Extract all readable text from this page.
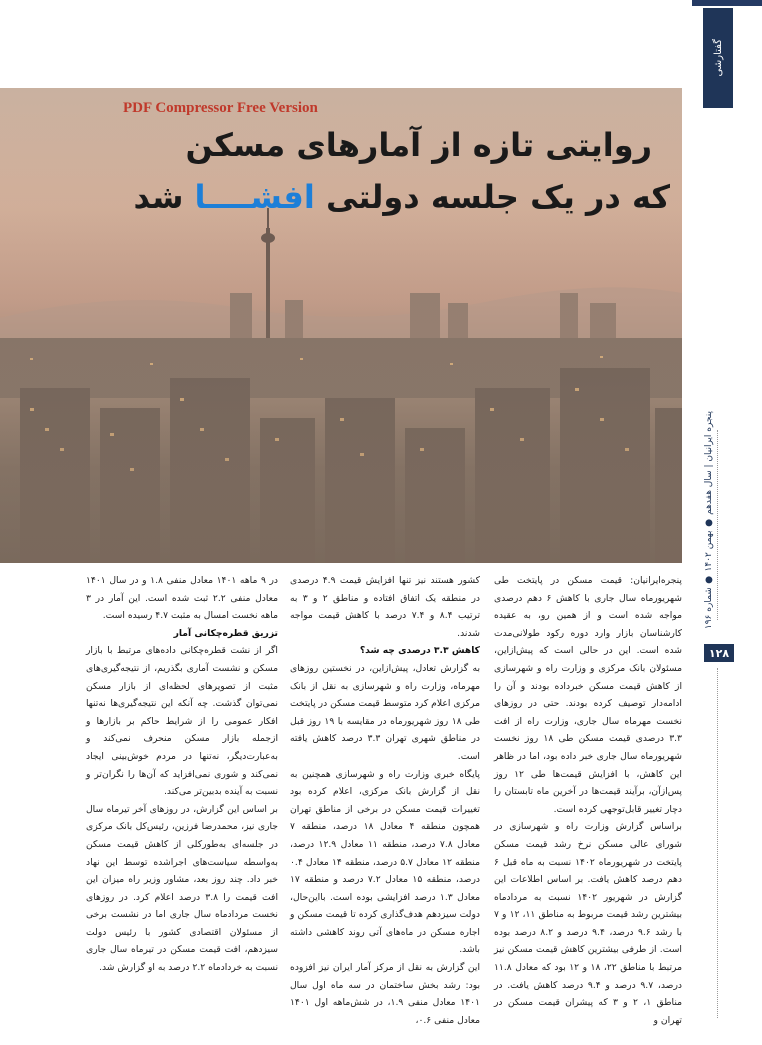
گفتارشی
PDF Compressor Free Version
روایتی تازه از آمارهای مسکن
که در یک جلسه دولتی افشــــا شد
پنجره ایرانیان | سال هفدهم ● بهمن ۱۴۰۲ ● شماره ۱۹۶
۱۲۸

پنجره‌ایرانیان: قیمت مسکن در پایتخت طی شهریورماه سال جاری با کاهش ۶ دهم درصدی مواجه شده است و از همین رو، به عقیده کارشناسان بازار وارد دوره رکود طولانی‌مدت شده است. این در حالی است که پیش‌ازاین، مسئولان بانک مرکزی و وزارت راه و شهرسازی از کاهش قیمت مسکن خبرداده بودند و آن را ادامه‌دار توصیف کرده بودند. حتی در روزهای نخست مهرماه سال جاری، وزارت راه از افت ۳.۳ درصدی قیمت مسکن طی ۱۸ روز نخست شهریورماه سال جاری خبر داده بود، اما در ظاهر این کاهش، با افزایش قیمت‌ها طی ۱۲ روز پس‌ازآن، برآیند قیمت‌ها در آخرین ماه تابستان را دچار تغییر قابل‌توجهی کرده است.

براساس گزارش وزارت راه و شهرسازی در شورای عالی مسکن نرخ رشد قیمت مسکن پایتخت در شهریورماه ۱۴۰۲ نسبت به ماه قبل ۶ دهم درصد کاهش یافت. بر اساس اطلاعات این گزارش در شهریور ۱۴۰۲ نسبت به مردادماه بیشترین رشد قیمت مربوط به مناطق ۱۱، ۱۲ و ۷ با رشد ۹.۶ درصد، ۹.۴ درصد و ۸.۲ درصد بوده است. از طرفی بیشترین کاهش قیمت مسکن نیز مرتبط با مناطق ۲۲، ۱۸ و ۱۲ بود که معادل ۱۱.۸ درصد، ۹.۷ درصد و ۹.۴ درصد کاهش یافت. در مناطق ۱، ۲ و ۳ که پیشران قیمت مسکن در تهران و

کشور هستند نیز تنها افزایش قیمت ۴.۹ درصدی در منطقه یک اتفاق افتاده و مناطق ۲ و ۳ به ترتیب ۸.۴ و ۷.۴ درصد با کاهش قیمت مواجه شدند.

کاهش ۳.۳ درصدی چه شد؟

به گزارش تعادل، پیش‌ازاین، در نخستین روزهای مهرماه، وزارت راه و شهرسازی به نقل از بانک مرکزی اعلام کرد متوسط قیمت مسکن در پایتخت طی ۱۸ روز شهریورماه در مقایسه با ۱۹ روز قبل در مناطق شهری تهران ۳.۳ درصد کاهش یافته است.

پایگاه خبری وزارت راه و شهرسازی همچنین به نقل از گزارش بانک مرکزی، اعلام کرده بود تغییرات قیمت مسکن در برخی از مناطق تهران همچون منطقه ۴ معادل ۱۸ درصد، منطقه ۷ معادل ۷.۸ درصد، منطقه ۱۱ معادل ۱۲.۹ درصد، منطقه ۱۲ معادل ۵.۷ درصد، منطقه ۱۴ معادل ۰.۴ درصد، منطقه ۱۵ معادل ۷.۲ درصد و منطقه ۱۷ معادل ۱.۳ درصد افزایشی بوده است. بااین‌حال، دولت سیزدهم هدف‌گذاری کرده تا قیمت مسکن و اجاره مسکن در ماه‌های آتی روند کاهشی داشته باشد.

این گزارش به نقل از مرکز آمار ایران نیز افزوده بود: رشد بخش ساختمان در سه ماه اول سال ۱۴۰۱ معادل منفی ۱.۹، در شش‌ماهه اول ۱۴۰۱ معادل منفی ۰.۶،

در ۹ ماهه ۱۴۰۱ معادل منفی ۱.۸ و در سال ۱۴۰۱ معادل منفی ۲.۲ ثبت شده است. این آمار در ۳ ماهه نخست امسال به مثبت ۴.۷ رسیده است.

تزریق قطره‌چکانی آمار

اگر از نشت قطره‌چکانی داده‌های مرتبط با بازار مسکن و نشست آماری بگذریم، از نتیجه‌گیری‌های مثبت از تصویرهای لحظه‌ای از بازار مسکن نمی‌توان گذشت. چه آنکه این نتیجه‌گیری‌ها نه‌تنها افکار عمومی را از شرایط حاکم بر بازارها و ازجمله بازار مسکن منحرف نمی‌کند و به‌عبارت‌دیگر، نه‌تنها در مردم خوش‌بینی ایجاد نمی‌کند و شوری نمی‌افزاید که آن‌ها را نگران‌تر و نسبت به آینده بدبین‌تر می‌کند.

بر اساس این گزارش، در روزهای آخر تیرماه سال جاری نیز، محمدرضا فرزین، رئیس‌کل بانک مرکزی در جلسه‌ای به‌طورکلی از کاهش قیمت مسکن به‌واسطه سیاست‌های اجراشده توسط این نهاد خبر داد. چند روز بعد، مشاور وزیر راه میزان این افت قیمت را ۳.۸ درصد اعلام کرد. در روزهای نخست مردادماه سال جاری اما در نشست برخی از مسئولان اقتصادی کشور با رئیس دولت سیزدهم، افت قیمت مسکن در تیرماه سال جاری نسبت به خردادماه ۲.۲ درصد به او گزارش شد.
